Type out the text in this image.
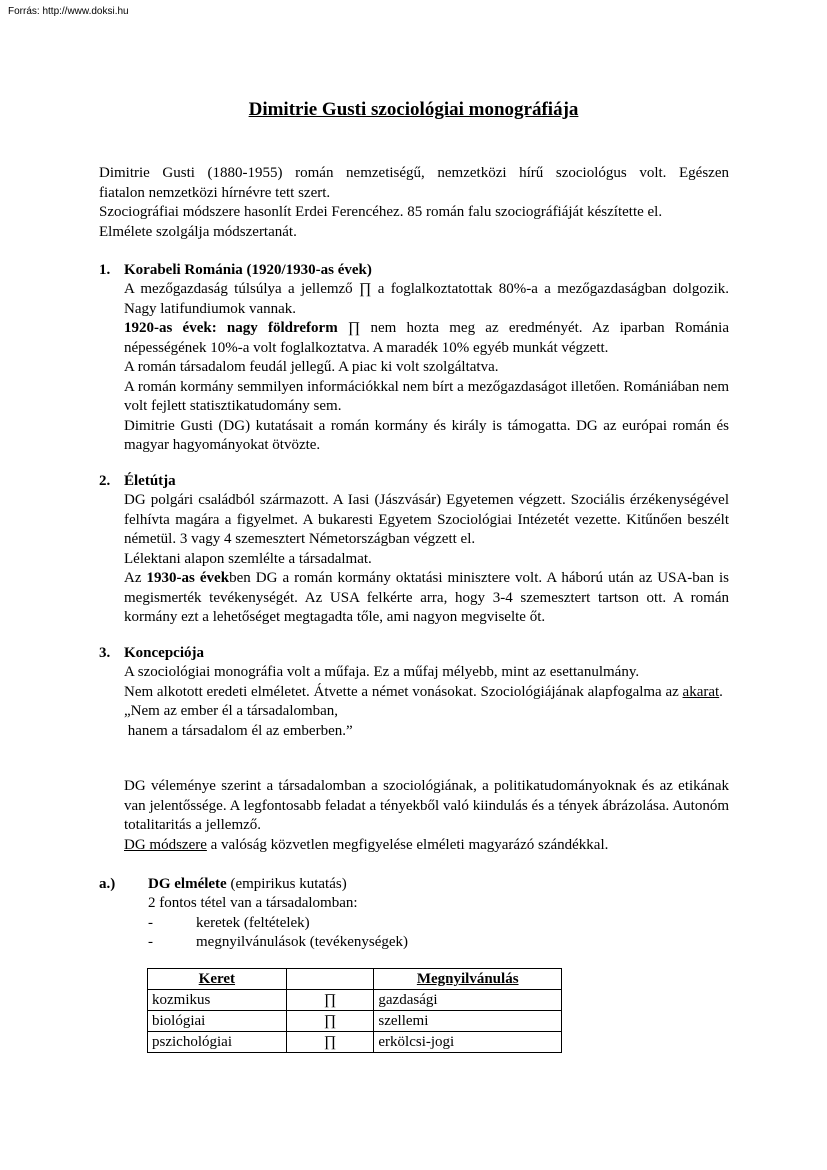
Forrás: http://www.doksi.hu
Dimitrie Gusti szociológiai monográfiája

Dimitrie Gusti (1880-1955) román nemzetiségű, nemzetközi hírű szociológus volt. Egészen

fiatalon nemzetközi hírnévre tett szert.

Szociográfiai módszere hasonlít Erdei Ferencéhez. 85 román falu szociográfiáját készítette el.

Elmélete szolgálja módszertanát.

1. Korabeli Románia (1920/1930-as évek)

A mezőgazdaság túlsúlya a jellemző ∏ a foglalkoztatottak 80%-a a mezőgazdaságban dolgozik. Nagy latifundiumok vannak.

1920-as évek: nagy földreform ∏ nem hozta meg az eredményét. Az iparban Románia népességének 10%-a volt foglalkoztatva. A maradék 10% egyéb munkát végzett.

A román társadalom feudál jellegű. A piac ki volt szolgáltatva.

A román kormány semmilyen információkkal nem bírt a mezőgazdaságot illetően. Romániában nem volt fejlett statisztikatudomány sem.

Dimitrie Gusti (DG) kutatásait a román kormány és király is támogatta. DG az európai román és magyar hagyományokat ötvözte.

2. Életútja

DG polgári családból származott. A Iasi (Jászvásár) Egyetemen végzett. Szociális érzékenységével felhívta magára a figyelmet. A bukaresti Egyetem Szociológiai Intézetét vezette. Kitűnően beszélt németül. 3 vagy 4 szemesztert Németországban végzett el.

Lélektani alapon szemlélte a társadalmat.

Az 1930-as években DG a román kormány oktatási minisztere volt. A háború után az USA-ban is megismerték tevékenységét. Az USA felkérte arra, hogy 3-4 szemesztert tartson ott. A román kormány ezt a lehetőséget megtagadta tőle, ami nagyon megviselte őt.

3. Koncepciója

A szociológiai monográfia volt a műfaja. Ez a műfaj mélyebb, mint az esettanulmány.

Nem alkotott eredeti elméletet. Átvette a német vonásokat. Szociológiájának alapfogalma az akarat.

„Nem az ember él a társadalomban,

hanem a társadalom él az emberben.”

DG véleménye szerint a társadalomban a szociológiának, a politikatudományoknak és az etikának van jelentőssége. A legfontosabb feladat a tényekből való kiindulás és a tények ábrázolása. Autonóm totalitaritás a jellemző.

DG módszere a valóság közvetlen megfigyelése elméleti magyarázó szándékkal.

a.) DG elmélete (empirikus kutatás)

2 fontos tétel van a társadalomban:

-	keretek (feltételek)
-	megnyilvánulások (tevékenységek)
Keret		Megnyilvánulás
kozmikus	∏	gazdasági
biológiai	∏	szellemi
pszichológiai	∏	erkölcsi-jogi
